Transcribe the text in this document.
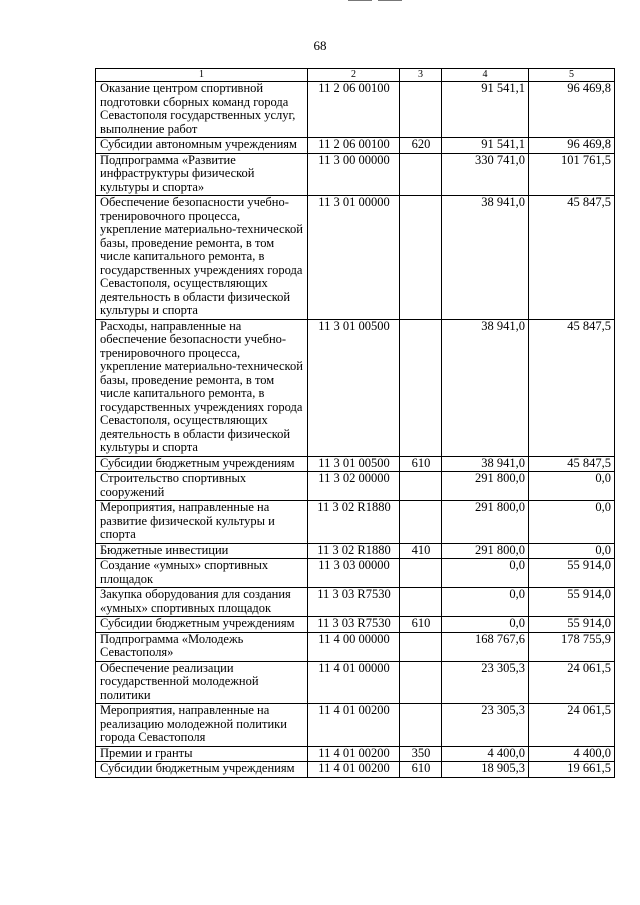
68
1	2	3	4	5
Оказание центром спортивной подготовки сборных команд города Севастополя государственных услуг, выполнение работ	11 2 06 00100		91 541,1	96 469,8
Субсидии автономным учреждениям	11 2 06 00100	620	91 541,1	96 469,8
Подпрограмма «Развитие инфраструктуры физической культуры и спорта»	11 3 00 00000		330 741,0	101 761,5
Обеспечение безопасности учебно-тренировочного процесса, укрепление материально-технической базы, проведение ремонта, в том числе капитального ремонта, в государственных учреждениях города Севастополя, осуществляющих деятельность в области физической культуры и спорта	11 3 01 00000		38 941,0	45 847,5
Расходы, направленные на обеспечение безопасности учебно-тренировочного процесса, укрепление материально-технической базы, проведение ремонта, в том числе капитального ремонта, в государственных учреждениях города Севастополя, осуществляющих деятельность в области физической культуры и спорта	11 3 01 00500		38 941,0	45 847,5
Субсидии бюджетным учреждениям	11 3 01 00500	610	38 941,0	45 847,5
Строительство спортивных сооружений	11 3 02 00000		291 800,0	0,0
Мероприятия, направленные на развитие физической культуры и спорта	11 3 02 R1880		291 800,0	0,0
Бюджетные инвестиции	11 3 02 R1880	410	291 800,0	0,0
Создание «умных» спортивных площадок	11 3 03 00000		0,0	55 914,0
Закупка оборудования для создания «умных» спортивных площадок	11 3 03 R7530		0,0	55 914,0
Субсидии бюджетным учреждениям	11 3 03 R7530	610	0,0	55 914,0
Подпрограмма «Молодежь Севастополя»	11 4 00 00000		168 767,6	178 755,9
Обеспечение реализации государственной молодежной политики	11 4 01 00000		23 305,3	24 061,5
Мероприятия, направленные на реализацию молодежной политики города Севастополя	11 4 01 00200		23 305,3	24 061,5
Премии и гранты	11 4 01 00200	350	4 400,0	4 400,0
Субсидии бюджетным учреждениям	11 4 01 00200	610	18 905,3	19 661,5
